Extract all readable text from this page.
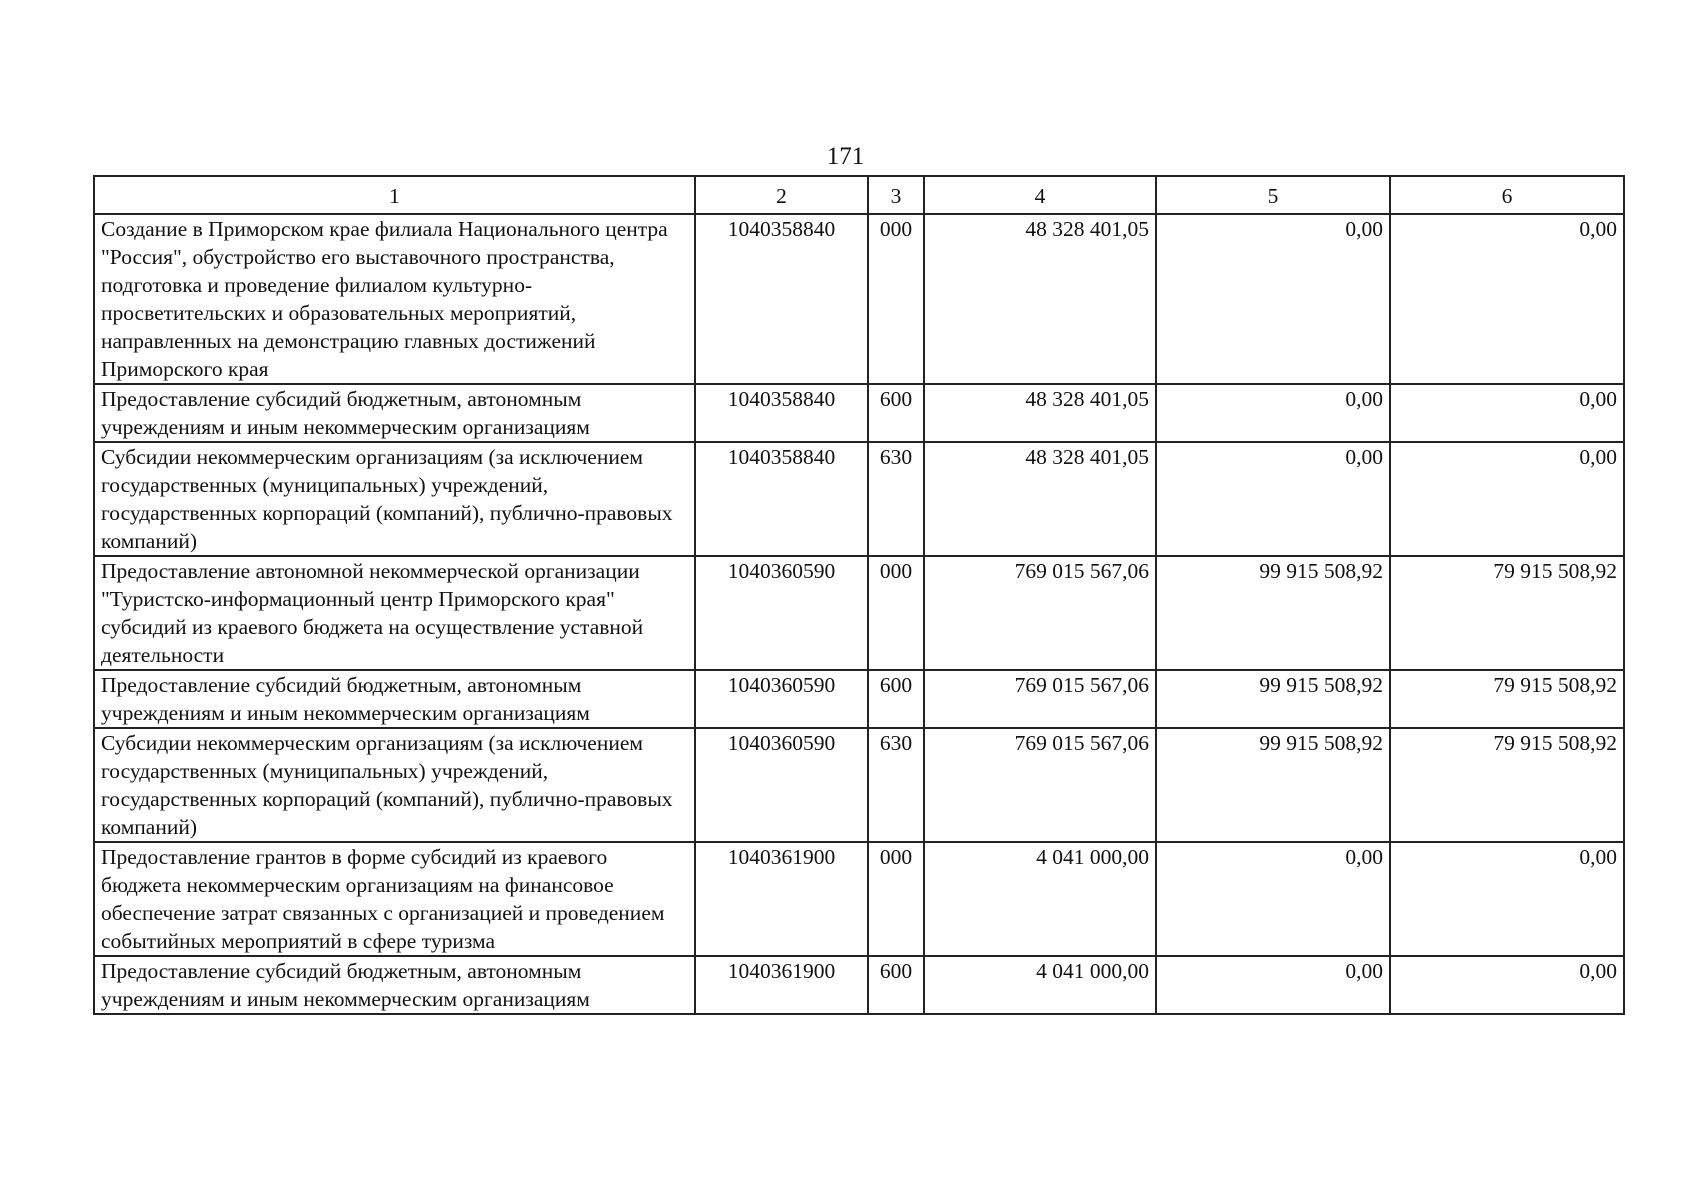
171
1	2	3	4	5	6
Создание в Приморском крае филиала Национального центра "Россия", обустройство его выставочного пространства, подготовка и проведение филиалом культурно-просветительских и образовательных мероприятий, направленных на демонстрацию главных достижений Приморского края	1040358840	000	48 328 401,05	0,00	0,00
Предоставление субсидий бюджетным, автономным учреждениям и иным некоммерческим организациям	1040358840	600	48 328 401,05	0,00	0,00
Субсидии некоммерческим организациям (за исключением государственных (муниципальных) учреждений, государственных корпораций (компаний), публично-правовых компаний)	1040358840	630	48 328 401,05	0,00	0,00
Предоставление автономной некоммерческой организации "Туристско-информационный центр Приморского края" субсидий из краевого бюджета на осуществление уставной деятельности	1040360590	000	769 015 567,06	99 915 508,92	79 915 508,92
Предоставление субсидий бюджетным, автономным учреждениям и иным некоммерческим организациям	1040360590	600	769 015 567,06	99 915 508,92	79 915 508,92
Субсидии некоммерческим организациям (за исключением государственных (муниципальных) учреждений, государственных корпораций (компаний), публично-правовых компаний)	1040360590	630	769 015 567,06	99 915 508,92	79 915 508,92
Предоставление грантов в форме субсидий из краевого бюджета некоммерческим организациям на финансовое обеспечение затрат связанных с организацией и проведением событийных мероприятий в сфере туризма	1040361900	000	4 041 000,00	0,00	0,00
Предоставление субсидий бюджетным, автономным учреждениям и иным некоммерческим организациям	1040361900	600	4 041 000,00	0,00	0,00
